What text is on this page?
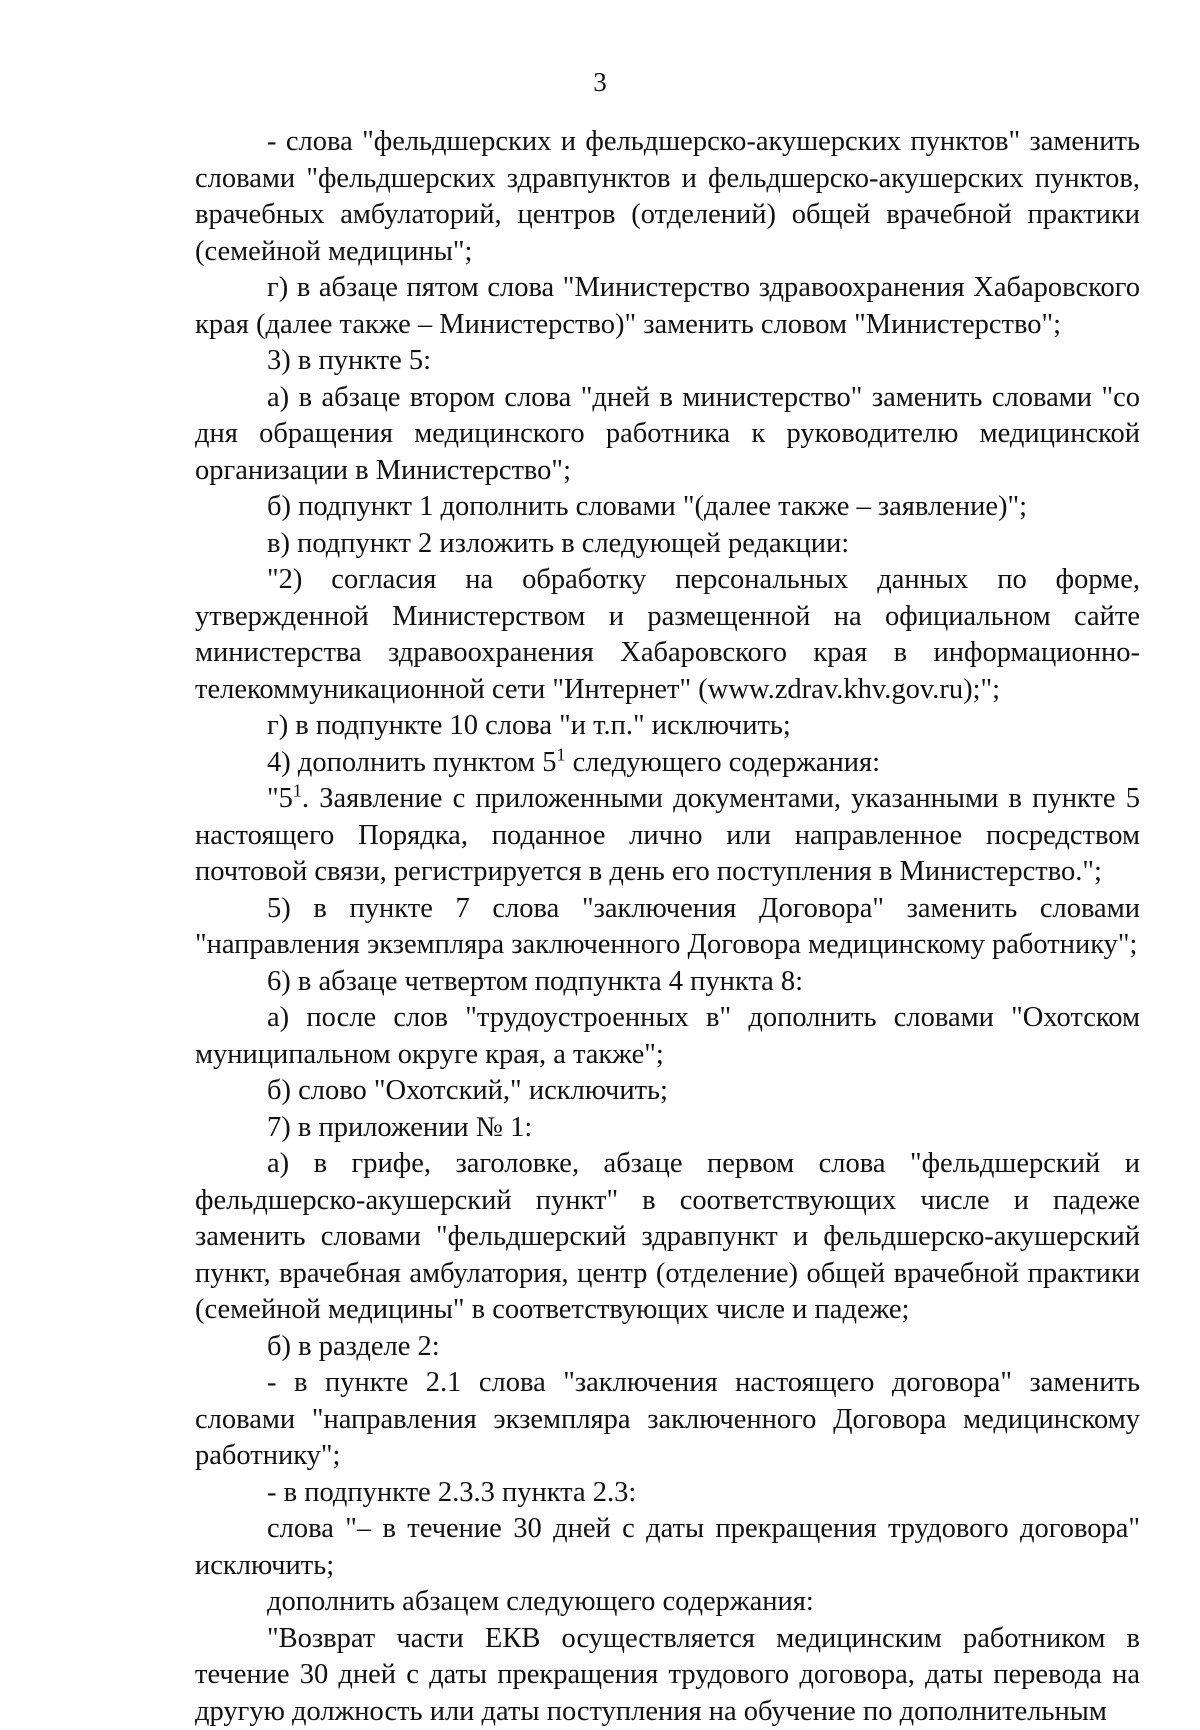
3

- слова "фельдшерских и фельдшерско-акушерских пунктов" заменить словами "фельдшерских здравпунктов и фельдшерско-акушерских пунктов, врачебных амбулаторий, центров (отделений) общей врачебной практики (семейной медицины";

г) в абзаце пятом слова "Министерство здравоохранения Хабаровского края (далее также – Министерство)" заменить словом "Министерство";

3) в пункте 5:

а) в абзаце втором слова "дней в министерство" заменить словами "со дня обращения медицинского работника к руководителю медицинской организации в Министерство";

б) подпункт 1 дополнить словами "(далее также – заявление)";

в) подпункт 2 изложить в следующей редакции:

"2) согласия на обработку персональных данных по форме, утвержденной Министерством и размещенной на официальном сайте министерства здравоохранения Хабаровского края в информационно-телекоммуникационной сети "Интернет" (www.zdrav.khv.gov.ru);";

г) в подпункте 10 слова "и т.п." исключить;

4) дополнить пунктом $5^1$ следующего содержания:

"$5^1$. Заявление с приложенными документами, указанными в пункте 5 настоящего Порядка, поданное лично или направленное посредством почтовой связи, регистрируется в день его поступления в Министерство.";

5) в пункте 7 слова "заключения Договора" заменить словами "направления экземпляра заключенного Договора медицинскому работнику";

6) в абзаце четвертом подпункта 4 пункта 8:

а) после слов "трудоустроенных в" дополнить словами "Охотском муниципальном округе края, а также";

б) слово "Охотский," исключить;

7) в приложении № 1:

а) в грифе, заголовке, абзаце первом слова "фельдшерский и фельдшерско-акушерский пункт" в соответствующих числе и падеже заменить словами "фельдшерский здравпункт и фельдшерско-акушерский пункт, врачебная амбулатория, центр (отделение) общей врачебной практики (семейной медицины" в соответствующих числе и падеже;

б) в разделе 2:

- в пункте 2.1 слова "заключения настоящего договора" заменить словами "направления экземпляра заключенного Договора медицинскому работнику";

- в подпункте 2.3.3 пункта 2.3:

слова "– в течение 30 дней с даты прекращения трудового договора" исключить;

дополнить абзацем следующего содержания:

"Возврат части ЕКВ осуществляется медицинским работником в течение 30 дней с даты прекращения трудового договора, даты перевода на другую должность или даты поступления на обучение по дополнительным
